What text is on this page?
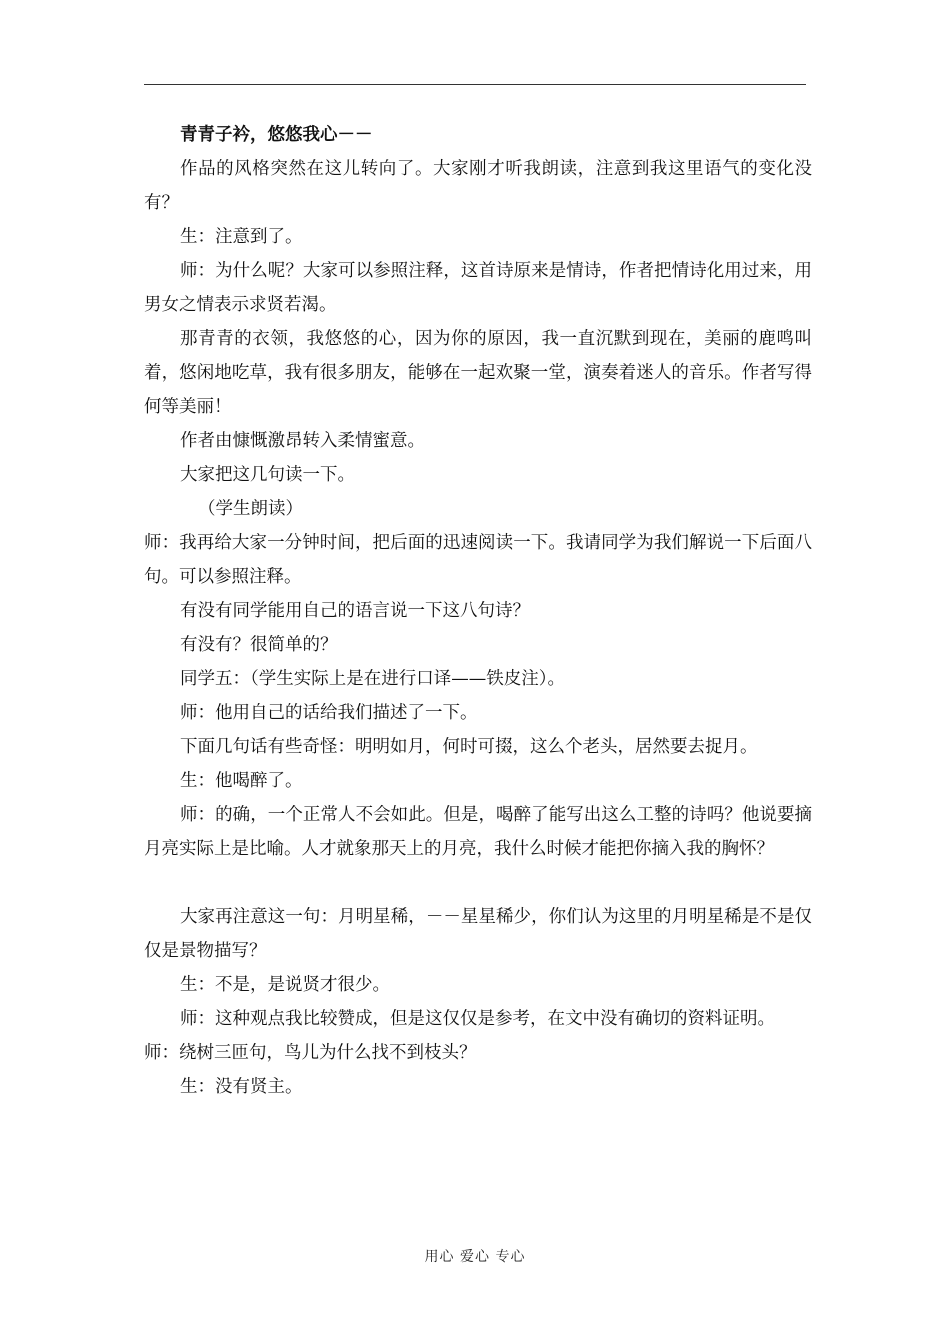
青青子衿，悠悠我心－－

作品的风格突然在这儿转向了。大家刚才听我朗读，注意到我这里语气的变化没有？

生：注意到了。

师：为什么呢？大家可以参照注释，这首诗原来是情诗，作者把情诗化用过来，用男女之情表示求贤若渴。

那青青的衣领，我悠悠的心，因为你的原因，我一直沉默到现在，美丽的鹿鸣叫着，悠闲地吃草，我有很多朋友，能够在一起欢聚一堂，演奏着迷人的音乐。作者写得何等美丽！

作者由慷慨激昂转入柔情蜜意。

大家把这几句读一下。

（学生朗读）

师：我再给大家一分钟时间，把后面的迅速阅读一下。我请同学为我们解说一下后面八句。可以参照注释。

有没有同学能用自己的语言说一下这八句诗？

有没有？很简单的？

同学五：（学生实际上是在进行口译——铁皮注）。

师：他用自己的话给我们描述了一下。

下面几句话有些奇怪：明明如月，何时可掇，这么个老头，居然要去捉月。

生：他喝醉了。

师：的确，一个正常人不会如此。但是，喝醉了能写出这么工整的诗吗？他说要摘月亮实际上是比喻。人才就象那天上的月亮，我什么时候才能把你摘入我的胸怀？

大家再注意这一句：月明星稀，－－星星稀少，你们认为这里的月明星稀是不是仅仅是景物描写？

生：不是，是说贤才很少。

师：这种观点我比较赞成，但是这仅仅是参考，在文中没有确切的资料证明。

师：绕树三匝句，鸟儿为什么找不到枝头？

生：没有贤主。

用心 爱心 专心
